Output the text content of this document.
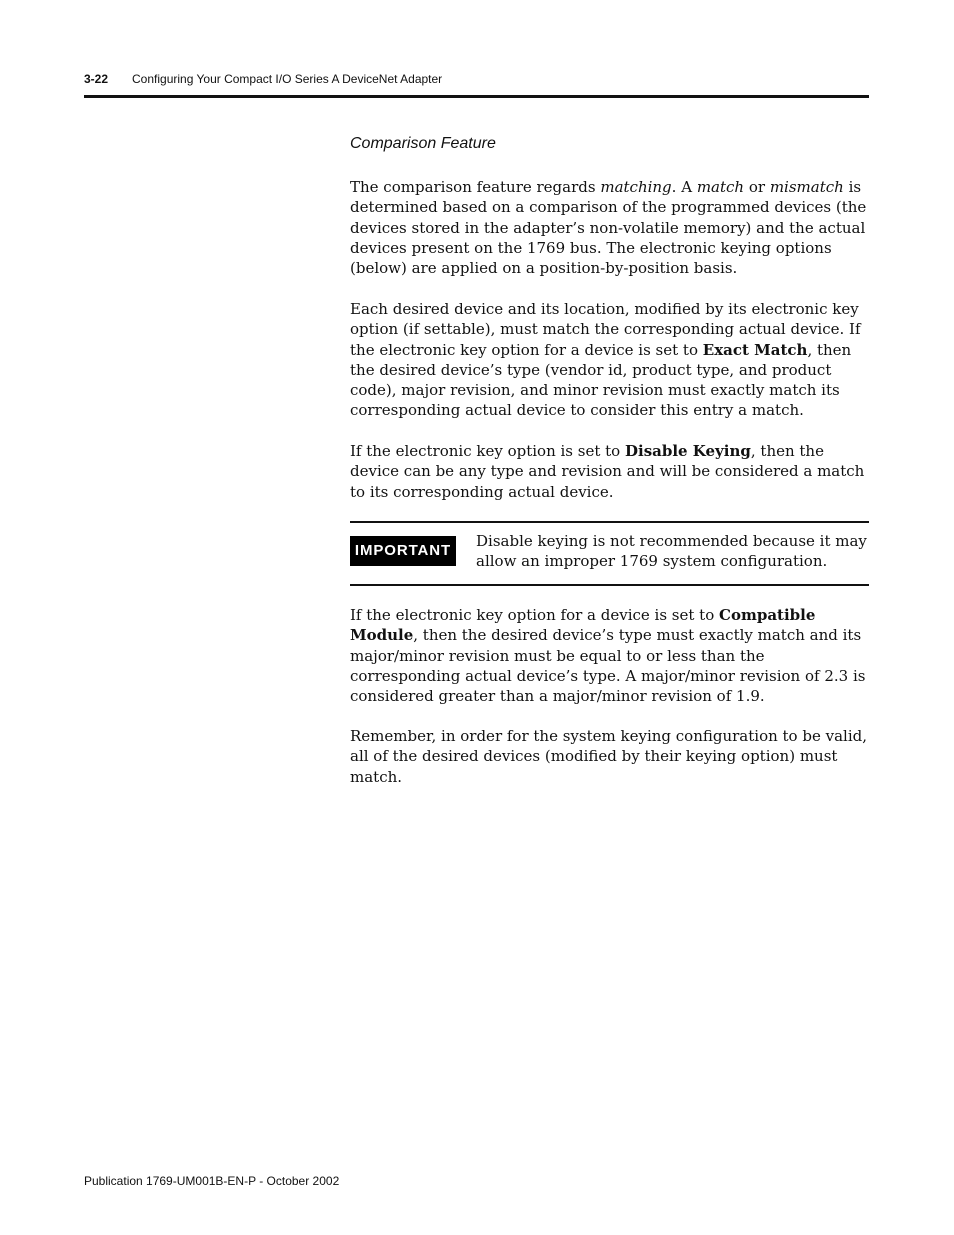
3-22 Configuring Your Compact I/O Series A DeviceNet Adapter
Comparison Feature

The comparison feature regards matching. A match or mismatch is determined based on a comparison of the programmed devices (the devices stored in the adapter’s non-volatile memory) and the actual devices present on the 1769 bus. The electronic keying options (below) are applied on a position-by-position basis.

Each desired device and its location, modified by its electronic key option (if settable), must match the corresponding actual device. If the electronic key option for a device is set to Exact Match, then the desired device’s type (vendor id, product type, and product code), major revision, and minor revision must exactly match its corresponding actual device to consider this entry a match.

If the electronic key option is set to Disable Keying, then the device can be any type and revision and will be considered a match to its corresponding actual device.

IMPORTANT

Disable keying is not recommended because it may allow an improper 1769 system configuration.

If the electronic key option for a device is set to Compatible Module, then the desired device’s type must exactly match and its major/minor revision must be equal to or less than the corresponding actual device’s type. A major/minor revision of 2.3 is considered greater than a major/minor revision of 1.9.

Remember, in order for the system keying configuration to be valid, all of the desired devices (modified by their keying option) must match.

Publication 1769-UM001B-EN-P - October 2002
